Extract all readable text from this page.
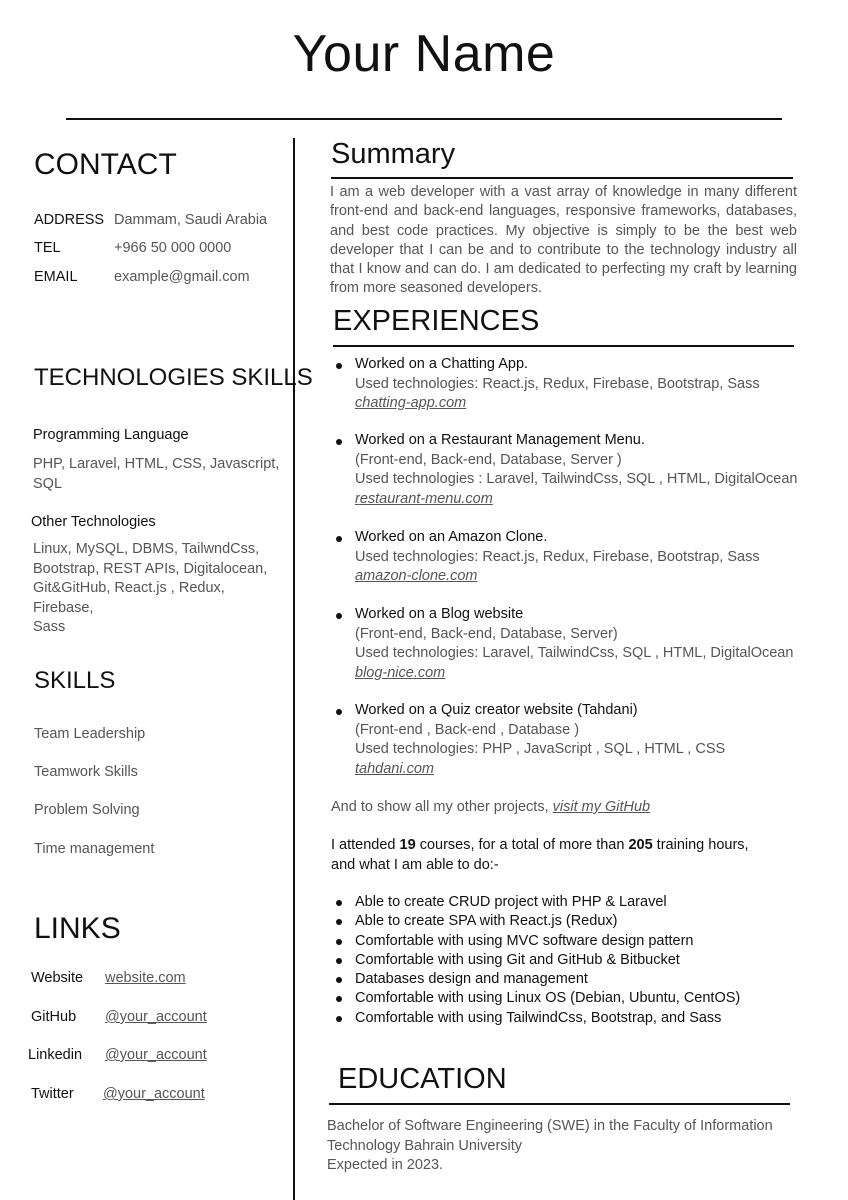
Your Name
CONTACT
ADDRESS Dammam, Saudi Arabia
TEL	+966 50 000 0000
EMAIL	example@gmail.com
TECHNOLOGIES SKILLS
Programming Language
PHP, Laravel, HTML, CSS, Javascript,
SQL
Other Technologies
Linux, MySQL, DBMS, TailwndCss,
Bootstrap, REST APIs, Digitalocean,
Git&GitHub, React.js , Redux, Firebase,
Sass
SKILLS
Team Leadership
Teamwork Skills
Problem Solving
Time management
LINKS
Website website.com
GitHub @your_account
Linkedin @your_account
Twitter @your_account
Summary
I am a web developer with a vast array of knowledge in many different front-end and back-end languages, responsive frameworks, databases, and best code practices. My objective is simply to be the best web developer that I can be and to contribute to the technology industry all that I know and can do. I am dedicated to perfecting my craft by learning from more seasoned developers.
EXPERIENCES
Worked on a Chatting App.
Used technologies: React.js, Redux, Firebase, Bootstrap, Sass
chatting-app.com
Worked on a Restaurant Management Menu.
(Front-end, Back-end, Database, Server )
Used technologies : Laravel, TailwindCss, SQL , HTML, DigitalOcean
restaurant-menu.com
Worked on an Amazon Clone.
Used technologies: React.js, Redux, Firebase, Bootstrap, Sass
amazon-clone.com
Worked on a Blog website
(Front-end, Back-end, Database, Server)
Used technologies: Laravel, TailwindCss, SQL , HTML, DigitalOcean
blog-nice.com
Worked on a Quiz creator website (Tahdani)
(Front-end , Back-end , Database )
Used technologies: PHP , JavaScript , SQL , HTML , CSS
tahdani.com
And to show all my other projects, visit my GitHub
I attended 19 courses, for a total of more than 205 training hours,
and what I am able to do:-
Able to create CRUD project with PHP & Laravel
Able to create SPA with React.js (Redux)
Comfortable with using MVC software design pattern
Comfortable with using Git and GitHub & Bitbucket
Databases design and management
Comfortable with using Linux OS (Debian, Ubuntu, CentOS)
Comfortable with using TailwindCss, Bootstrap, and Sass
EDUCATION
Bachelor of Software Engineering (SWE) in the Faculty of Information
Technology Bahrain University
Expected in 2023.
